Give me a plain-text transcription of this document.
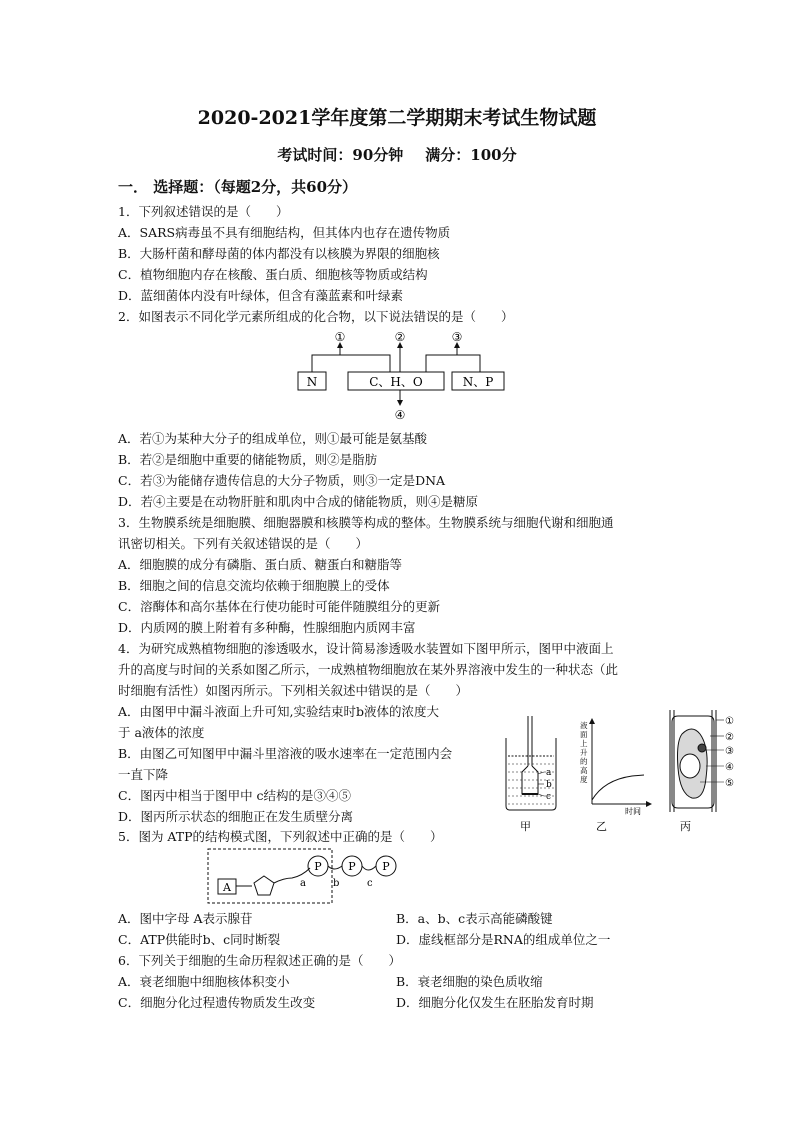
2020-2021学年度第二学期期末考试生物试题
考试时间：90分钟 满分：100分
一． 选择题：（每题2分，共60分）
1．下列叙述错误的是（　　）
A．SARS病毒虽不具有细胞结构，但其体内也存在遗传物质
B．大肠杆菌和酵母菌的体内都没有以核膜为界限的细胞核
C．植物细胞内存在核酸、蛋白质、细胞核等物质或结构
D．蓝细菌体内没有叶绿体，但含有藻蓝素和叶绿素
2．如图表示不同化学元素所组成的化合物，以下说法错误的是（　　）
N	C、H、O	N、P
①	②	③
④
A．若①为某种大分子的组成单位，则①最可能是氨基酸
B．若②是细胞中重要的储能物质，则②是脂肪
C．若③为能储存遗传信息的大分子物质，则③一定是DNA
D．若④主要是在动物肝脏和肌肉中合成的储能物质，则④是糖原
3．生物膜系统是细胞膜、细胞器膜和核膜等构成的整体。生物膜系统与细胞代谢和细胞通
讯密切相关。下列有关叙述错误的是（　　）
A．细胞膜的成分有磷脂、蛋白质、糖蛋白和糖脂等
B．细胞之间的信息交流均依赖于细胞膜上的受体
C．溶酶体和高尔基体在行使功能时可能伴随膜组分的更新
D．内质网的膜上附着有多种酶，性腺细胞内质网丰富
4．为研究成熟植物细胞的渗透吸水，设计简易渗透吸水装置如下图甲所示，图甲中液面上
升的高度与时间的关系如图乙所示，一成熟植物细胞放在某外界溶液中发生的一种状态（此
时细胞有活性）如图丙所示。下列相关叙述中错误的是（　　）
A．由图甲中漏斗液面上升可知,实验结束时b液体的浓度大
于 a液体的浓度
B．由图乙可知图甲中漏斗里溶液的吸水速率在一定范围内会
一直下降
C．图丙中相当于图甲中 c结构的是③④⑤
D．图丙所示状态的细胞正在发生质壁分离
a
b
c
甲
液
面
上
升
的
高
度
时间
乙
①
②
③
④
⑤
丙
5．图为 ATP的结构模式图，下列叙述中正确的是（　　）
A
P P P
a	b	c
A．图中字母 A表示腺苷	B．a、b、c表示高能磷酸键
C．ATP供能时b、c同时断裂	D．虚线框部分是RNA的组成单位之一
6．下列关于细胞的生命历程叙述正确的是（　　）
A．衰老细胞中细胞核体积变小	B．衰老细胞的染色质收缩
C．细胞分化过程遗传物质发生改变	D．细胞分化仅发生在胚胎发育时期
